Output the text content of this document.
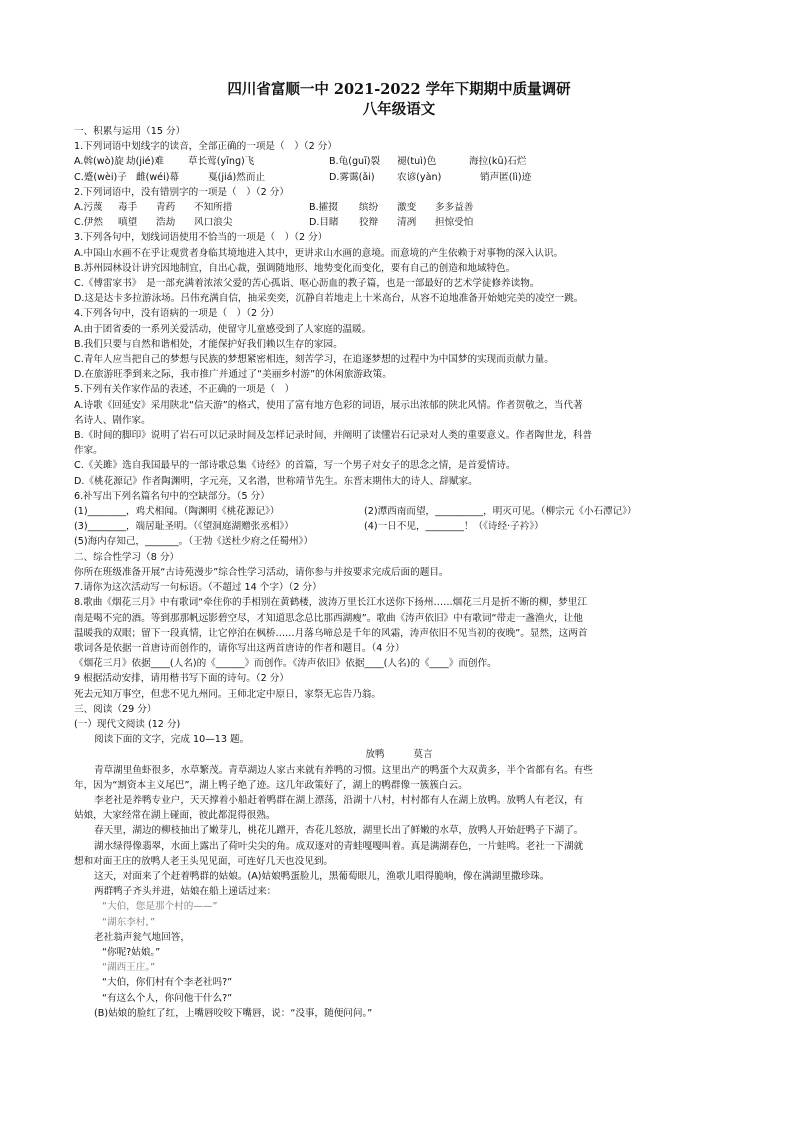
四川省富顺一中 2021-2022 学年下期期中质量调研
八年级语文
一、积累与运用（15 分）
1.下列词语中划线字的读音，全部正确的一项是（　）（2 分）
A.斡(wò)旋 劫(jié)难	草长莺(yīnɡ)飞	B.龟(guī)裂	褪(tuì)色	海拉(kū)石烂
C.蹙(wèi)子 雌(wéi)幕	戛(jiá)然而止	D.雾霭(ǎi)	农谚(yàn)	销声匿(lì)迹
2.下列词语中，没有错别字的一项是（　）（2 分）
A.污蔑	毒手	青药	不知所措	B.攉掇	缤纷	激变	多多益善
C.伊然	嗔望	浩劫	风口浪尖	D.目睹	狡辩	清冽	担惊受怕
3.下列各句中，划线词语使用不恰当的一项是（　）（2 分）
A.中国山水画不在乎让观赏者身临其境地进入其中，更讲求山水画的意境。而意境的产生依赖于对事物的深入认识。
B.苏州园林设计讲究因地制宜，自出心裁，强调随地形、地势变化而变化，要有自己的创造和地域特色。
C.《傅雷家书》　是一部充满着浓浓父爱的苦心孤诣、呕心沥血的教子篇，也是一部最好的艺术学徒修养读物。
D.这是达卡多拉游泳场。吕伟充满自信，抽采奕奕，沉静自若地走上十米高台，从容不迫地准备开始她完美的凌空一跳。
4.下列各句中，没有语病的一项是（　）（2 分）
A.由于团省委的一系列关爱活动，使留守儿童感受到了人家庭的温暖。
B.我们只要与自然和谐相处，才能保护好我们赖以生存的家园。
C.青年人应当把自己的梦想与民族的梦想紧密相连，刻苦学习，在追逐梦想的过程中为中国梦的实现而贡献力量。
D.在旅游旺季到来之际，我市推广并通过了“美丽乡村游”的休闲旅游政策。
5.下列有关作家作品的表述，不正确的一项是（　）
A.诗歌《回延安》采用陕北“信天游”的格式，使用了富有地方色彩的词语，展示出浓郁的陕北风情。作者贺敬之，当代著
名诗人、剧作家。
B.《时间的脚印》说明了岩石可以记录时间及怎样记录时间，并阐明了读懂岩石记录对人类的重要意义。作者陶世龙，科普
作家。
C.《关雎》选自我国最早的一部诗歌总集《诗经》的首篇，写一个男子对女子的思念之情，是首爱情诗。
D.《桃花源记》作者陶渊明，字元亮，又名潜，世称靖节先生。东晋末期伟大的诗人、辞赋家。
6.补写出下列名篇名句中的空缺部分。（5 分）
(1)________，鸡犬相闻。（陶渊明《桃花源记》）	(2)潭西南而望，__________，明灭可见。（柳宗元《小石潭记》）
(3)________，端居耻圣明。（《望洞庭湖赠张丞相》）	(4)一日不见，________！（《诗经·子衿》）
(5)海内存知己，_______。（王勃《送杜少府之任蜀州》）
二、综合性学习（8 分）
你所在班级准备开展“古诗苑漫步”综合性学习活动，请你参与并按要求完成后面的题目。
7.请你为这次活动写一句标语。（不超过 14 个字）（2 分）
8.歌曲《烟花三月》中有歌词“牵住你的手相别在黄鹤楼，波涛万里长江水送你下扬州……烟花三月是折不断的柳，梦里江
南是喝不完的酒。等到那那帆远影碧空尽，才知道思念总比那西湖瘦”。歌曲《涛声依旧》中有歌词“带走一盏渔火，让他
温暖我的双眼；留下一段真情，让它停泊在枫桥……月落乌啼总是千年的风霜，涛声依旧不见当初的夜晚”。显然，这两首
歌词各是依据一首唐诗而创作的，请你写出这两首唐诗的作者和题目。（4 分）
《烟花三月》依据____(人名)的《______》而创作。《涛声依旧》依据____(人名)的《____》而创作。
9 根据活动安排，请用楷书写下面的诗句。（2 分）
死去元知万事空，但悲不见九州同。王师北定中原日，家祭无忘告乃翁。
三、阅读（29 分）
(一）现代文阅读 (12 分)
阅读下面的文字，完成 10—13 题。
放鸭　　　莫言
青草湖里鱼虾很多，水草繁茂。青草湖边人家古来就有养鸭的习惯。这里出产的鸭蛋个大双黄多，半个省都有名。有些
年，因为“割资本主义尾巴”，湖上鸭子绝了迹。这几年政策好了，湖上的鸭群像一簇簇白云。
李老社是养鸭专业户，天天撑着小船赶着鸭群在湖上漂荡，沿湖十八村，村村都有人在湖上放鸭。放鸭人有老汉，有
姑娘，大家经常在湖上碰面，彼此都混得很熟。
春天里，湖边的柳枝抽出了嫩芽儿，桃花儿蹭开，杏花儿怒放，湖里长出了鲜嫩的水草，放鸭人开始赶鸭子下湖了。
湖水绿得像翡翠，水面上露出了荷叶尖尖的角。成双逐对的青蛙嘎嘎叫着。真是满湖春色，一片蛙鸣。老社一下湖就
想和对面王庄的放鸭人老王头见见面，可连好几天也没见到。
这天，对面来了个赶着鸭群的姑娘。(A)姑娘鸭蛋脸儿，黑葡萄眼儿，渔歌儿唱得脆响，像在满湖里撒珍珠。
两群鸭子齐头并进，姑娘在船上递话过来：
“大伯，您是那个村的——”
“湖东李村，”
老社翁声瓮气地回答，
“你呢?姑娘。”
“湖西王庄。”
“大伯，你们村有个李老社吗?”
“有这么个人，你问他干什么?”
(B)姑娘的脸红了红，上嘴唇咬咬下嘴唇，说：“没事，随便问问。”
